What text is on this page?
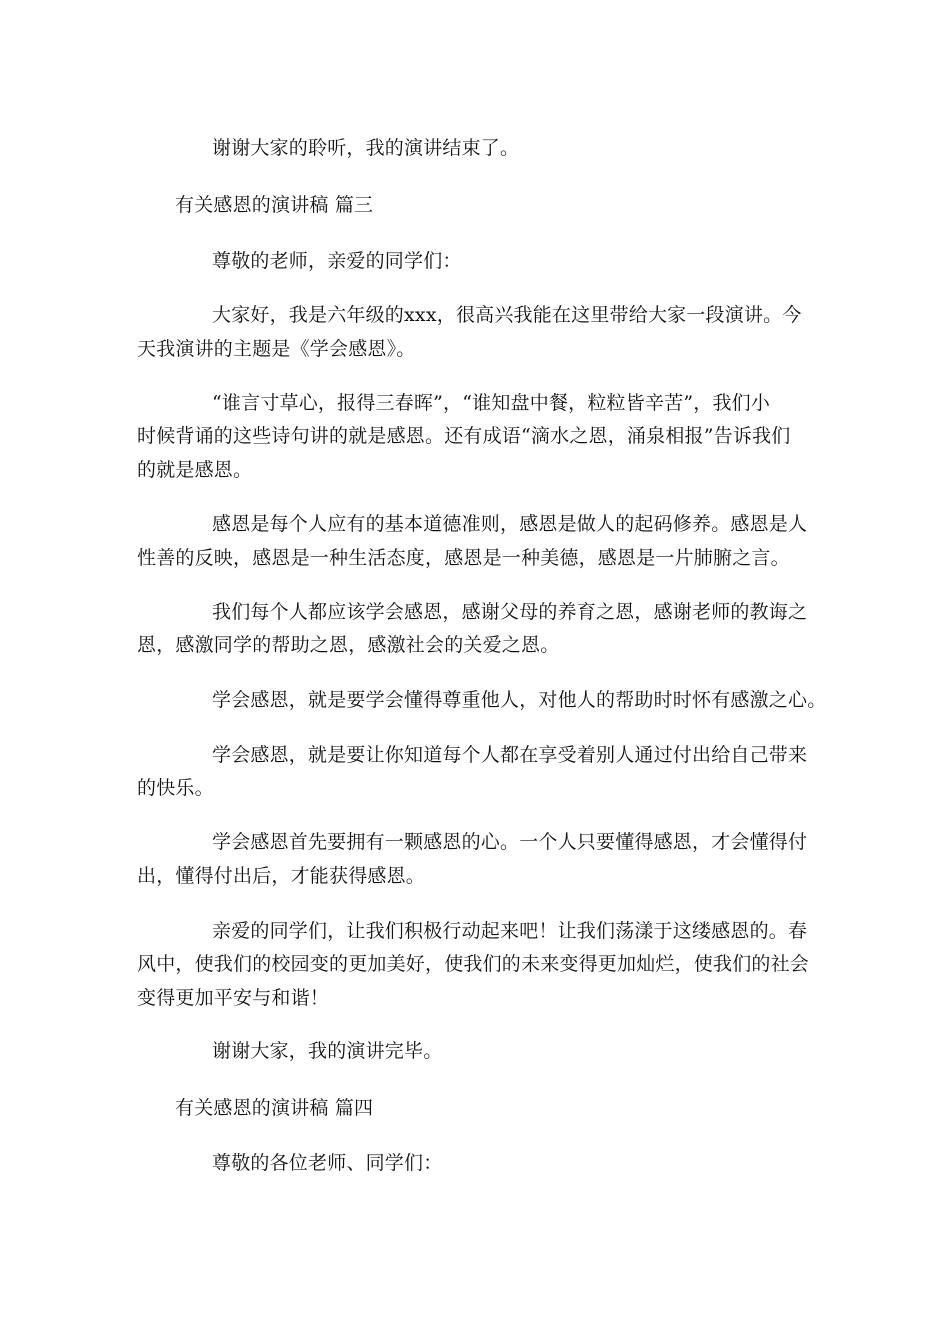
谢谢大家的聆听，我的演讲结束了。
有关感恩的演讲稿 篇三
尊敬的老师，亲爱的同学们：
大家好，我是六年级的xxx，很高兴我能在这里带给大家一段演讲。今
天我演讲的主题是《学会感恩》。
“谁言寸草心，报得三春晖”，“谁知盘中餐，粒粒皆辛苦”，我们小
时候背诵的这些诗句讲的就是感恩。还有成语“滴水之恩，涌泉相报”告诉我们
的就是感恩。
感恩是每个人应有的基本道德准则，感恩是做人的起码修养。感恩是人
性善的反映，感恩是一种生活态度，感恩是一种美德，感恩是一片肺腑之言。
我们每个人都应该学会感恩，感谢父母的养育之恩，感谢老师的教诲之
恩，感激同学的帮助之恩，感激社会的关爱之恩。
学会感恩，就是要学会懂得尊重他人，对他人的帮助时时怀有感激之心。
学会感恩，就是要让你知道每个人都在享受着别人通过付出给自己带来
的快乐。
学会感恩首先要拥有一颗感恩的心。一个人只要懂得感恩，才会懂得付
出，懂得付出后，才能获得感恩。
亲爱的同学们，让我们积极行动起来吧！让我们荡漾于这缕感恩的。春
风中，使我们的校园变的更加美好，使我们的未来变得更加灿烂，使我们的社会
变得更加平安与和谐！
谢谢大家，我的演讲完毕。
有关感恩的演讲稿 篇四
尊敬的各位老师、同学们：
